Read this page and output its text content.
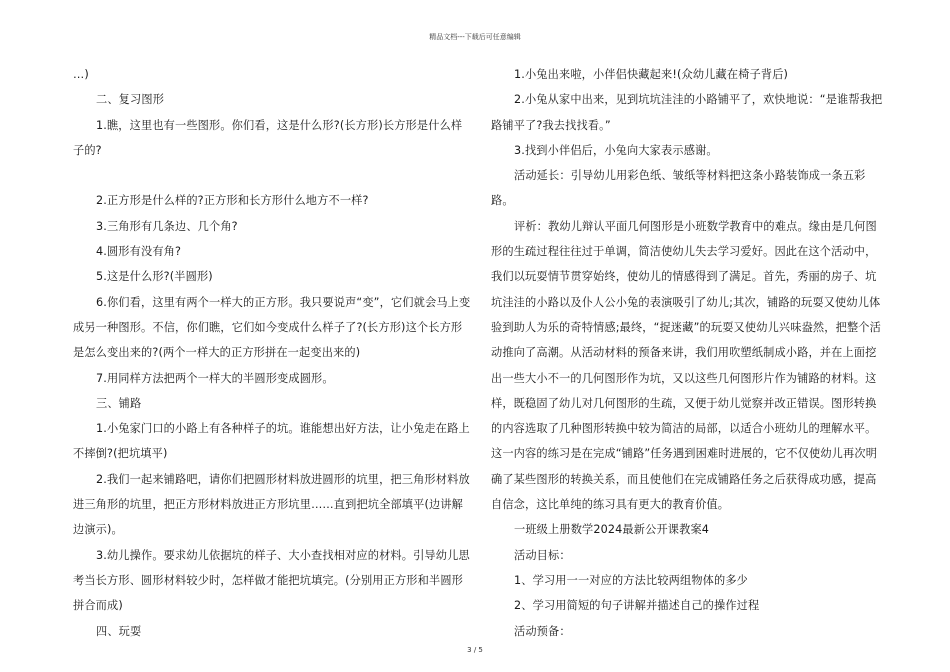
精品文档---下载后可任意编辑

…)

二、复习图形

1.瞧，这里也有一些图形。你们看，这是什么形?(长方形)长方形是什么样子的?

2.正方形是什么样的?正方形和长方形什么地方不一样?

3.三角形有几条边、几个角?

4.圆形有没有角?

5.这是什么形?(半圆形)

6.你们看，这里有两个一样大的正方形。我只要说声“变”，它们就会马上变成另一种图形。不信，你们瞧，它们如今变成什么样子了?(长方形)这个长方形是怎么变出来的?(两个一样大的正方形拼在一起变出来的)

7.用同样方法把两个一样大的半圆形变成圆形。

三、铺路

1.小兔家门口的小路上有各种样子的坑。谁能想出好方法，让小兔走在路上不摔倒?(把坑填平)

2.我们一起来铺路吧，请你们把圆形材料放进圆形的坑里，把三角形材料放进三角形的坑里，把正方形材料放进正方形坑里……直到把坑全部填平(边讲解边演示)。

3.幼儿操作。要求幼儿依据坑的样子、大小查找相对应的材料。引导幼儿思考当长方形、圆形材料较少时，怎样做才能把坑填完。(分别用正方形和半圆形拼合而成)

四、玩耍

1.小兔出来啦，小伴侣快藏起来!(众幼儿藏在椅子背后)

2.小兔从家中出来，见到坑坑洼洼的小路铺平了，欢快地说：“是谁帮我把路铺平了?我去找找看。”

3.找到小伴侣后，小兔向大家表示感谢。

活动延长：引导幼儿用彩色纸、皱纸等材料把这条小路装饰成一条五彩路。

评析：教幼儿辩认平面几何图形是小班数学教育中的难点。缘由是几何图形的生疏过程往往过于单调，简洁使幼儿失去学习爱好。因此在这个活动中，我们以玩耍情节贯穿始终，使幼儿的情感得到了满足。首先，秀丽的房子、坑坑洼洼的小路以及仆人公小兔的表演吸引了幼儿;其次，铺路的玩耍又使幼儿体验到助人为乐的奇特情感;最终，“捉迷藏”的玩耍又使幼儿兴味盎然，把整个活动推向了高潮。从活动材料的预备来讲，我们用吹塑纸制成小路，并在上面挖出一些大小不一的几何图形作为坑，又以这些几何图形片作为铺路的材料。这样，既稳固了幼儿对几何图形的生疏，又便于幼儿觉察并改正错误。图形转换的内容选取了几种图形转换中较为简洁的局部，以适合小班幼儿的理解水平。这一内容的练习是在完成“铺路”任务遇到困难时进展的，它不仅使幼儿再次明确了某些图形的转换关系，而且使他们在完成铺路任务之后获得成功感，提高自信念，这比单纯的练习具有更大的教育价值。

一班级上册数学2024最新公开课教案4

活动目标：

1、学习用一一对应的方法比较两组物体的多少

2、学习用简短的句子讲解并描述自己的操作过程

活动预备：

3 / 5
